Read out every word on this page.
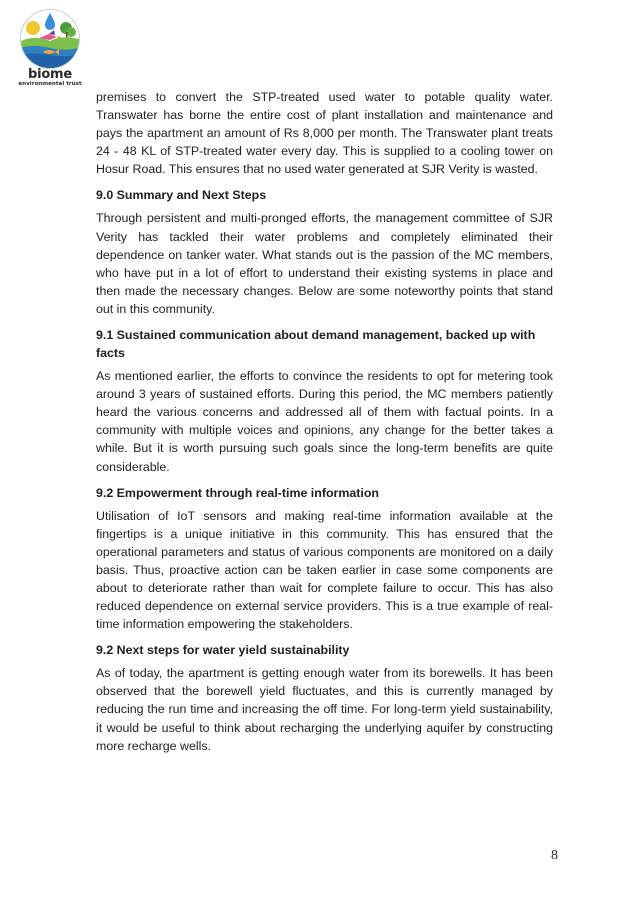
biome
environmental trust

premises to convert the STP-treated used water to potable quality water. Transwater has borne the entire cost of plant installation and maintenance and pays the apartment an amount of Rs 8,000 per month. The Transwater plant treats 24 - 48 KL of STP-treated water every day. This is supplied to a cooling tower on Hosur Road. This ensures that no used water generated at SJR Verity is wasted.

9.0 Summary and Next Steps

Through persistent and multi-pronged efforts, the management committee of SJR Verity has tackled their water problems and completely eliminated their dependence on tanker water. What stands out is the passion of the MC members, who have put in a lot of effort to understand their existing systems in place and then made the necessary changes. Below are some noteworthy points that stand out in this community.

9.1 Sustained communication about demand management, backed up with facts

As mentioned earlier, the efforts to convince the residents to opt for metering took around 3 years of sustained efforts. During this period, the MC members patiently heard the various concerns and addressed all of them with factual points. In a community with multiple voices and opinions, any change for the better takes a while. But it is worth pursuing such goals since the long-term benefits are quite considerable.

9.2 Empowerment through real-time information

Utilisation of IoT sensors and making real-time information available at the fingertips is a unique initiative in this community. This has ensured that the operational parameters and status of various components are monitored on a daily basis. Thus, proactive action can be taken earlier in case some components are about to deteriorate rather than wait for complete failure to occur. This has also reduced dependence on external service providers. This is a true example of real-time information empowering the stakeholders.

9.2 Next steps for water yield sustainability

As of today, the apartment is getting enough water from its borewells. It has been observed that the borewell yield fluctuates, and this is currently managed by reducing the run time and increasing the off time. For long-term yield sustainability, it would be useful to think about recharging the underlying aquifer by constructing more recharge wells.

8
